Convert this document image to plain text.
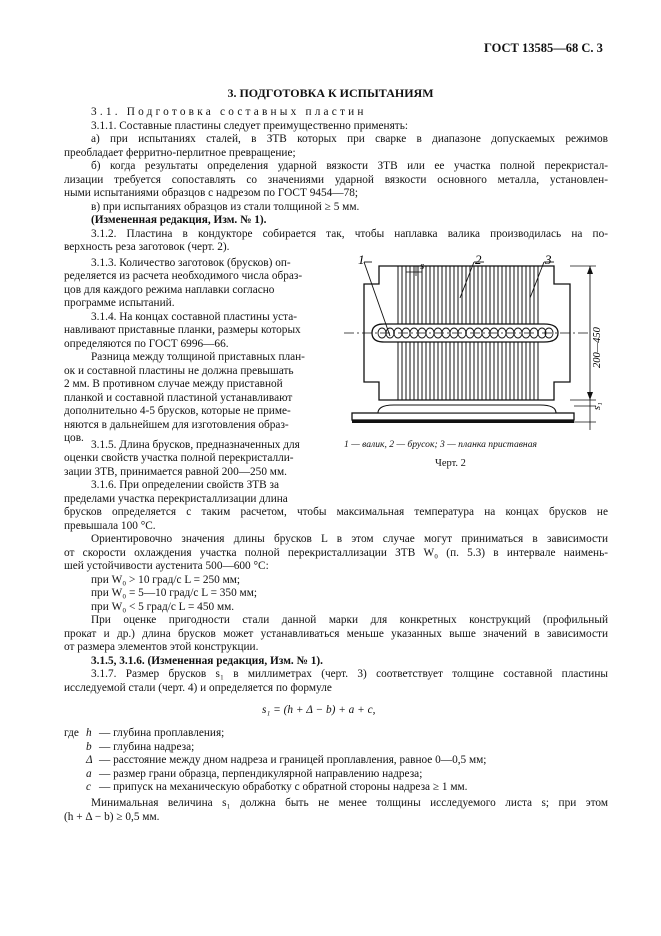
ГОСТ 13585—68 С. 3
3. ПОДГОТОВКА К ИСПЫТАНИЯМ
3.1. Подготовка составных пластин
3.1.1. Составные пластины следует преимущественно применять:
а) при испытаниях сталей, в ЗТВ которых при сварке в диапазоне допускаемых режимов
преобладает ферритно-перлитное превращение;
б) когда результаты определения ударной вязкости ЗТВ или ее участка полной перекристал-
лизации требуется сопоставлять со значениями ударной вязкости основного металла, установлен-
ными испытаниями образцов с надрезом по ГОСТ 9454—78;
в) при испытаниях образцов из стали толщиной ≥ 5 мм.
(Измененная редакция, Изм. № 1).
3.1.2. Пластина в кондукторе собирается так, чтобы наплавка валика производилась на по-
верхность реза заготовок (черт. 2).
3.1.3. Количество заготовок (брусков) оп-
ределяется из расчета необходимого числа образ-
цов для каждого режима наплавки согласно
программе испытаний.
3.1.4. На концах составной пластины уста-
навливают приставные планки, размеры которых
определяются по ГОСТ 6996—66.
Разница между толщиной приставных план-
ок и составной пластины не должна превышать
2 мм. В противном случае между приставной
планкой и составной пластиной устанавливают
дополнительно 4-5 брусков, которые не приме-
няются в дальнейшем для изготовления образ-
цов.
3.1.5. Длина брусков, предназначенных для
оценки свойств участка полной перекристалли-
зации ЗТВ, принимается равной 200—250 мм.
3.1.6. При определении свойств ЗТВ за
пределами участка перекристаллизации длина
1	2	3
s
200—450
s₁
1 — валик, 2 — брусок; 3 — планка приставная
Черт. 2
брусков определяется с таким расчетом, чтобы максимальная температура на концах брусков не
превышала 100 °С.
Ориентировочно значения длины брусков L в этом случае могут приниматься в зависимости
от скорости охлаждения участка полной перекристаллизации ЗТВ W₀ (п. 5.3) в интервале наимень-
шей устойчивости аустенита 500—600 °С:
при W₀ > 10 град/с L = 250 мм;
при W₀ = 5—10 град/с L = 350 мм;
при W₀ < 5 град/с L = 450 мм.
При оценке пригодности стали данной марки для конкретных конструкций (профильный
прокат и др.) длина брусков может устанавливаться меньше указанных выше значений в зависимости
от размера элементов этой конструкции.
3.1.5, 3.1.6. (Измененная редакция, Изм. № 1).
3.1.7. Размер брусков s₁ в миллиметрах (черт. 3) соответствует толщине составной пластины
исследуемой стали (черт. 4) и определяется по формуле
s₁ = (h + Δ − b) + a + c,
где h — глубина проплавления;
b — глубина надреза;
Δ — расстояние между дном надреза и границей проплавления, равное 0—0,5 мм;
a — размер грани образца, перпендикулярной направлению надреза;
c — припуск на механическую обработку с обратной стороны надреза ≥ 1 мм.
Минимальная величина s₁ должна быть не менее толщины исследуемого листа s; при этом
(h + Δ − b) ≥ 0,5 мм.
